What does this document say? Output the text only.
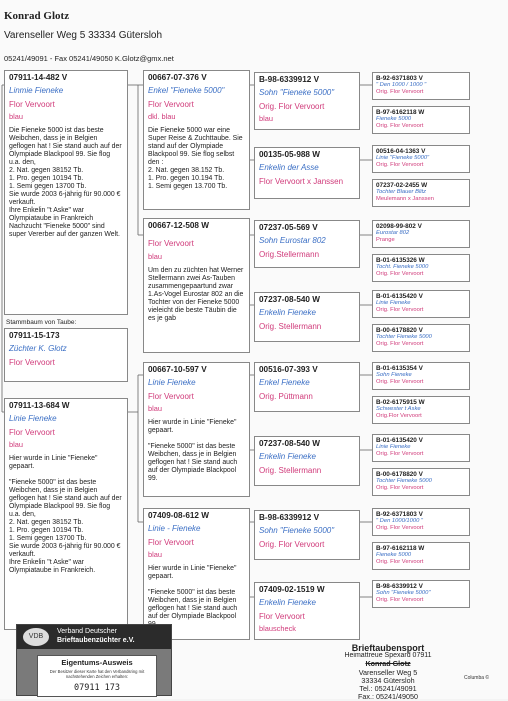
Konrad Glotz
Varenseller Weg 5 33334 Gütersloh
05241/49091 - Fax 05241/49050 K.Glotz@gmx.net
07911-14-482 V
Linmie Fieneke
Flor Vervoort
blau
Die Fieneke 5000 ist das beste Weibchen, dass je in Belgien geflogen hat ! Sie stand auch auf der Olympiade Blackpool 99. Sie flog u.a. den,
2. Nat. gegen 38152 Tb.
1. Pro. gegen 10194 Tb.
1. Semi gegen 13700 Tb.
Sie wurde 2003 6-jährig für 90.000 € verkauft.
Ihre Enkelin "t Aske" war Olympiataube in Frankreich
Nachzucht "Fieneke 5000" sind super Vererber auf der ganzen Welt.
Stammbaum von Taube:
07911-15-173
Züchter K. Glotz
Flor Vervoort
07911-13-684 W
Linie Fieneke
Flor Vervoort
blau
Hier wurde in Linie "Fieneke" gepaart.

"Fieneke 5000" ist das beste Weibchen, dass je in Belgien geflogen hat ! Sie stand auch auf der Olympiade Blackpool 99. Sie flog u.a. den,
2. Nat. gegen 38152 Tb.
1. Pro. gegen 10194 Tb.
1. Semi gegen 13700 Tb.
Sie wurde 2003 6-jährig für 90.000 € verkauft.
Ihre Enkelin "t Aske" war Olympiataube in Frankreich.
00667-07-376 V
Enkel "Fieneke 5000"
Flor Vervoort
dkl. blau
Die Fieneke 5000 war eine Super Reise & Zuchttaube. Sie stand auf der Olympiade Blackpool 99. Sie flog selbst den :
2. Nat. gegen 38.152 Tb.
1. Pro. gegen 10.194 Tb.
1. Semi gegen 13.700 Tb.
00667-12-508 W
Flor Vervoort
blau
Um den zu züchten hat Werner Stellermann zwei As-Tauben zusammengepaartund zwar 1.As-Vogel Eurostar 802 an die Tochter von der Fieneke 5000 vieleicht die beste Täubin die es je gab
00667-10-597 V
Linie Fieneke
Flor Vervoort
blau
Hier wurde in Linie "Fieneke" gepaart.

"Fieneke 5000" ist das beste Weibchen, dass je in Belgien geflogen hat ! Sie stand auch auf der Olympiade Blackpool 99.
07409-08-612 W
Linie - Fieneke
Flor Vervoort
blau
Hier wurde in Linie "Fieneke" gepaart.

"Fieneke 5000" ist das beste Weibchen, dass je in Belgien geflogen hat ! Sie stand auch auf der Olympiade Blackpool
B-98-6339912 V
Sohn "Fieneke 5000"
Orig. Flor Vervoort
blau
00135-05-988 W
Enkelin der Asse
Flor Vervoort x Janssen
07237-05-569 V
Sohn Eurostar 802
Orig.Stellermann
07237-08-540 W
Enkelin Fieneke
Orig. Stellermann
00516-07-393 V
Enkel Fieneke
Orig. Püttmann
07237-08-540 W
Enkelin Fieneke
Orig. Stellermann
B-98-6339912 V
Sohn "Fieneke 5000"
Orig. Flor Vervoort
07409-02-1519 W
Enkelin Fieneke
Flor Vervoort
blauscheck
B-92-6371803 V
" Den 1000 / 1000 "
Orig. Flor Vervoort
B-97-6162118 W
Fieneke 5000
Orig. Flor Vervoort
00516-04-1363 V
Linie "Fieneke 5000"
Orig. Flor Vervoort
07237-02-2455 W
Tochter Blauer Blitz
Meulemann x Janssen
02098-99-802 V
Eurostar 802
Prange
B-01-6135326 W
Tocht. Fieneke 5000
Orig. Flor Vervoort
B-01-6135420 V
Linie Fieneke
Orig. Flor Vervoort
B-00-6178820 V
Tochter Fieneke 5000
Orig. Flor Vervoort
B-01-6135354 V
Sohn Fieneke
Orig. Flor Vervoort
B-02-6175915 W
Schwester t Aske
Orig.Flor Vervoort
B-01-6135420 V
Linie Fieneke
Orig. Flor Vervoort
B-00-6178820 V
Tochter Fieneke 5000
Orig. Flor Vervoort
B-92-6371803 V
" Den 1000/1000 "
Orig. Flor Vervoort
B-97-6162118 W
Fieneke 5000
Orig. Flor Vervoort
B-98-6339912 V
Sohn "Fieneke 5000"
Orig. Flor Vervoort
VDB
Verband Deutscher
Brieftaubenzüchter e.V.
Eigentums-Ausweis
Der Besitzer dieser Karte hat den Verbandsring mit nachstehenden Zeichen erhalten:
07911 173
Brieftaubensport
Heimattreue Spexard 07911
Konrad Glotz
Varenseller Weg 5
33334 Gütersloh
Tel.: 05241/49091
Fax.: 05241/49050
Columba ©
